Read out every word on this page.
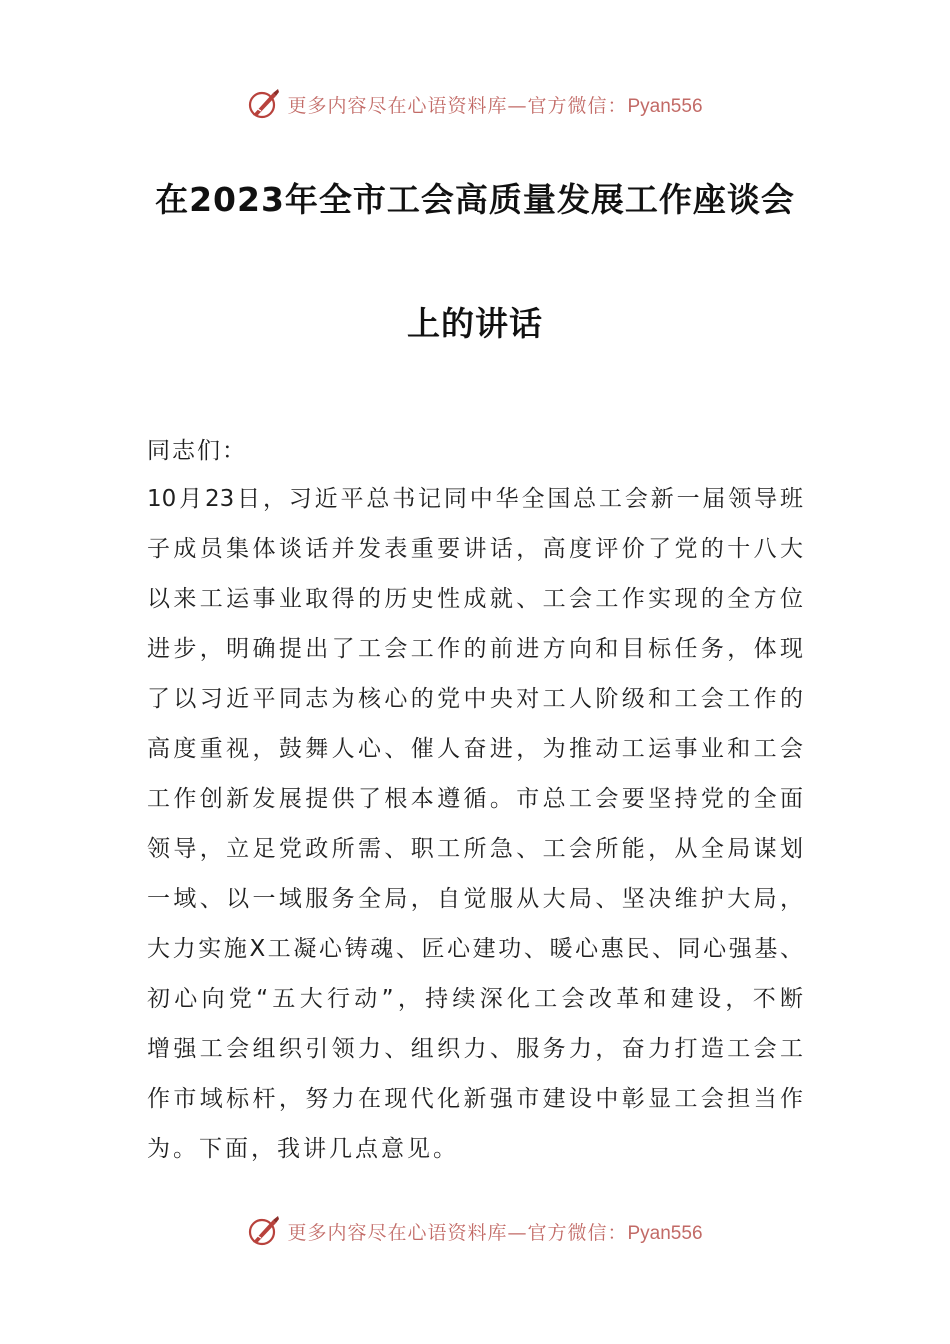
更多内容尽在心语资料库—官方微信：Pyan556
在2023年全市工会高质量发展工作座谈会
上的讲话

同志们：

10月23日，习近平总书记同中华全国总工会新一届领导班
子成员集体谈话并发表重要讲话，高度评价了党的十八大
以来工运事业取得的历史性成就、工会工作实现的全方位
进步，明确提出了工会工作的前进方向和目标任务，体现
了以习近平同志为核心的党中央对工人阶级和工会工作的
高度重视，鼓舞人心、催人奋进，为推动工运事业和工会
工作创新发展提供了根本遵循。市总工会要坚持党的全面
领导，立足党政所需、职工所急、工会所能，从全局谋划
一域、以一域服务全局，自觉服从大局、坚决维护大局，
大力实施X工凝心铸魂、匠心建功、暖心惠民、同心强基、
初心向党“五大行动”，持续深化工会改革和建设，不断
增强工会组织引领力、组织力、服务力，奋力打造工会工
作市域标杆，努力在现代化新强市建设中彰显工会担当作
为。下面，我讲几点意见。
更多内容尽在心语资料库—官方微信：Pyan556
